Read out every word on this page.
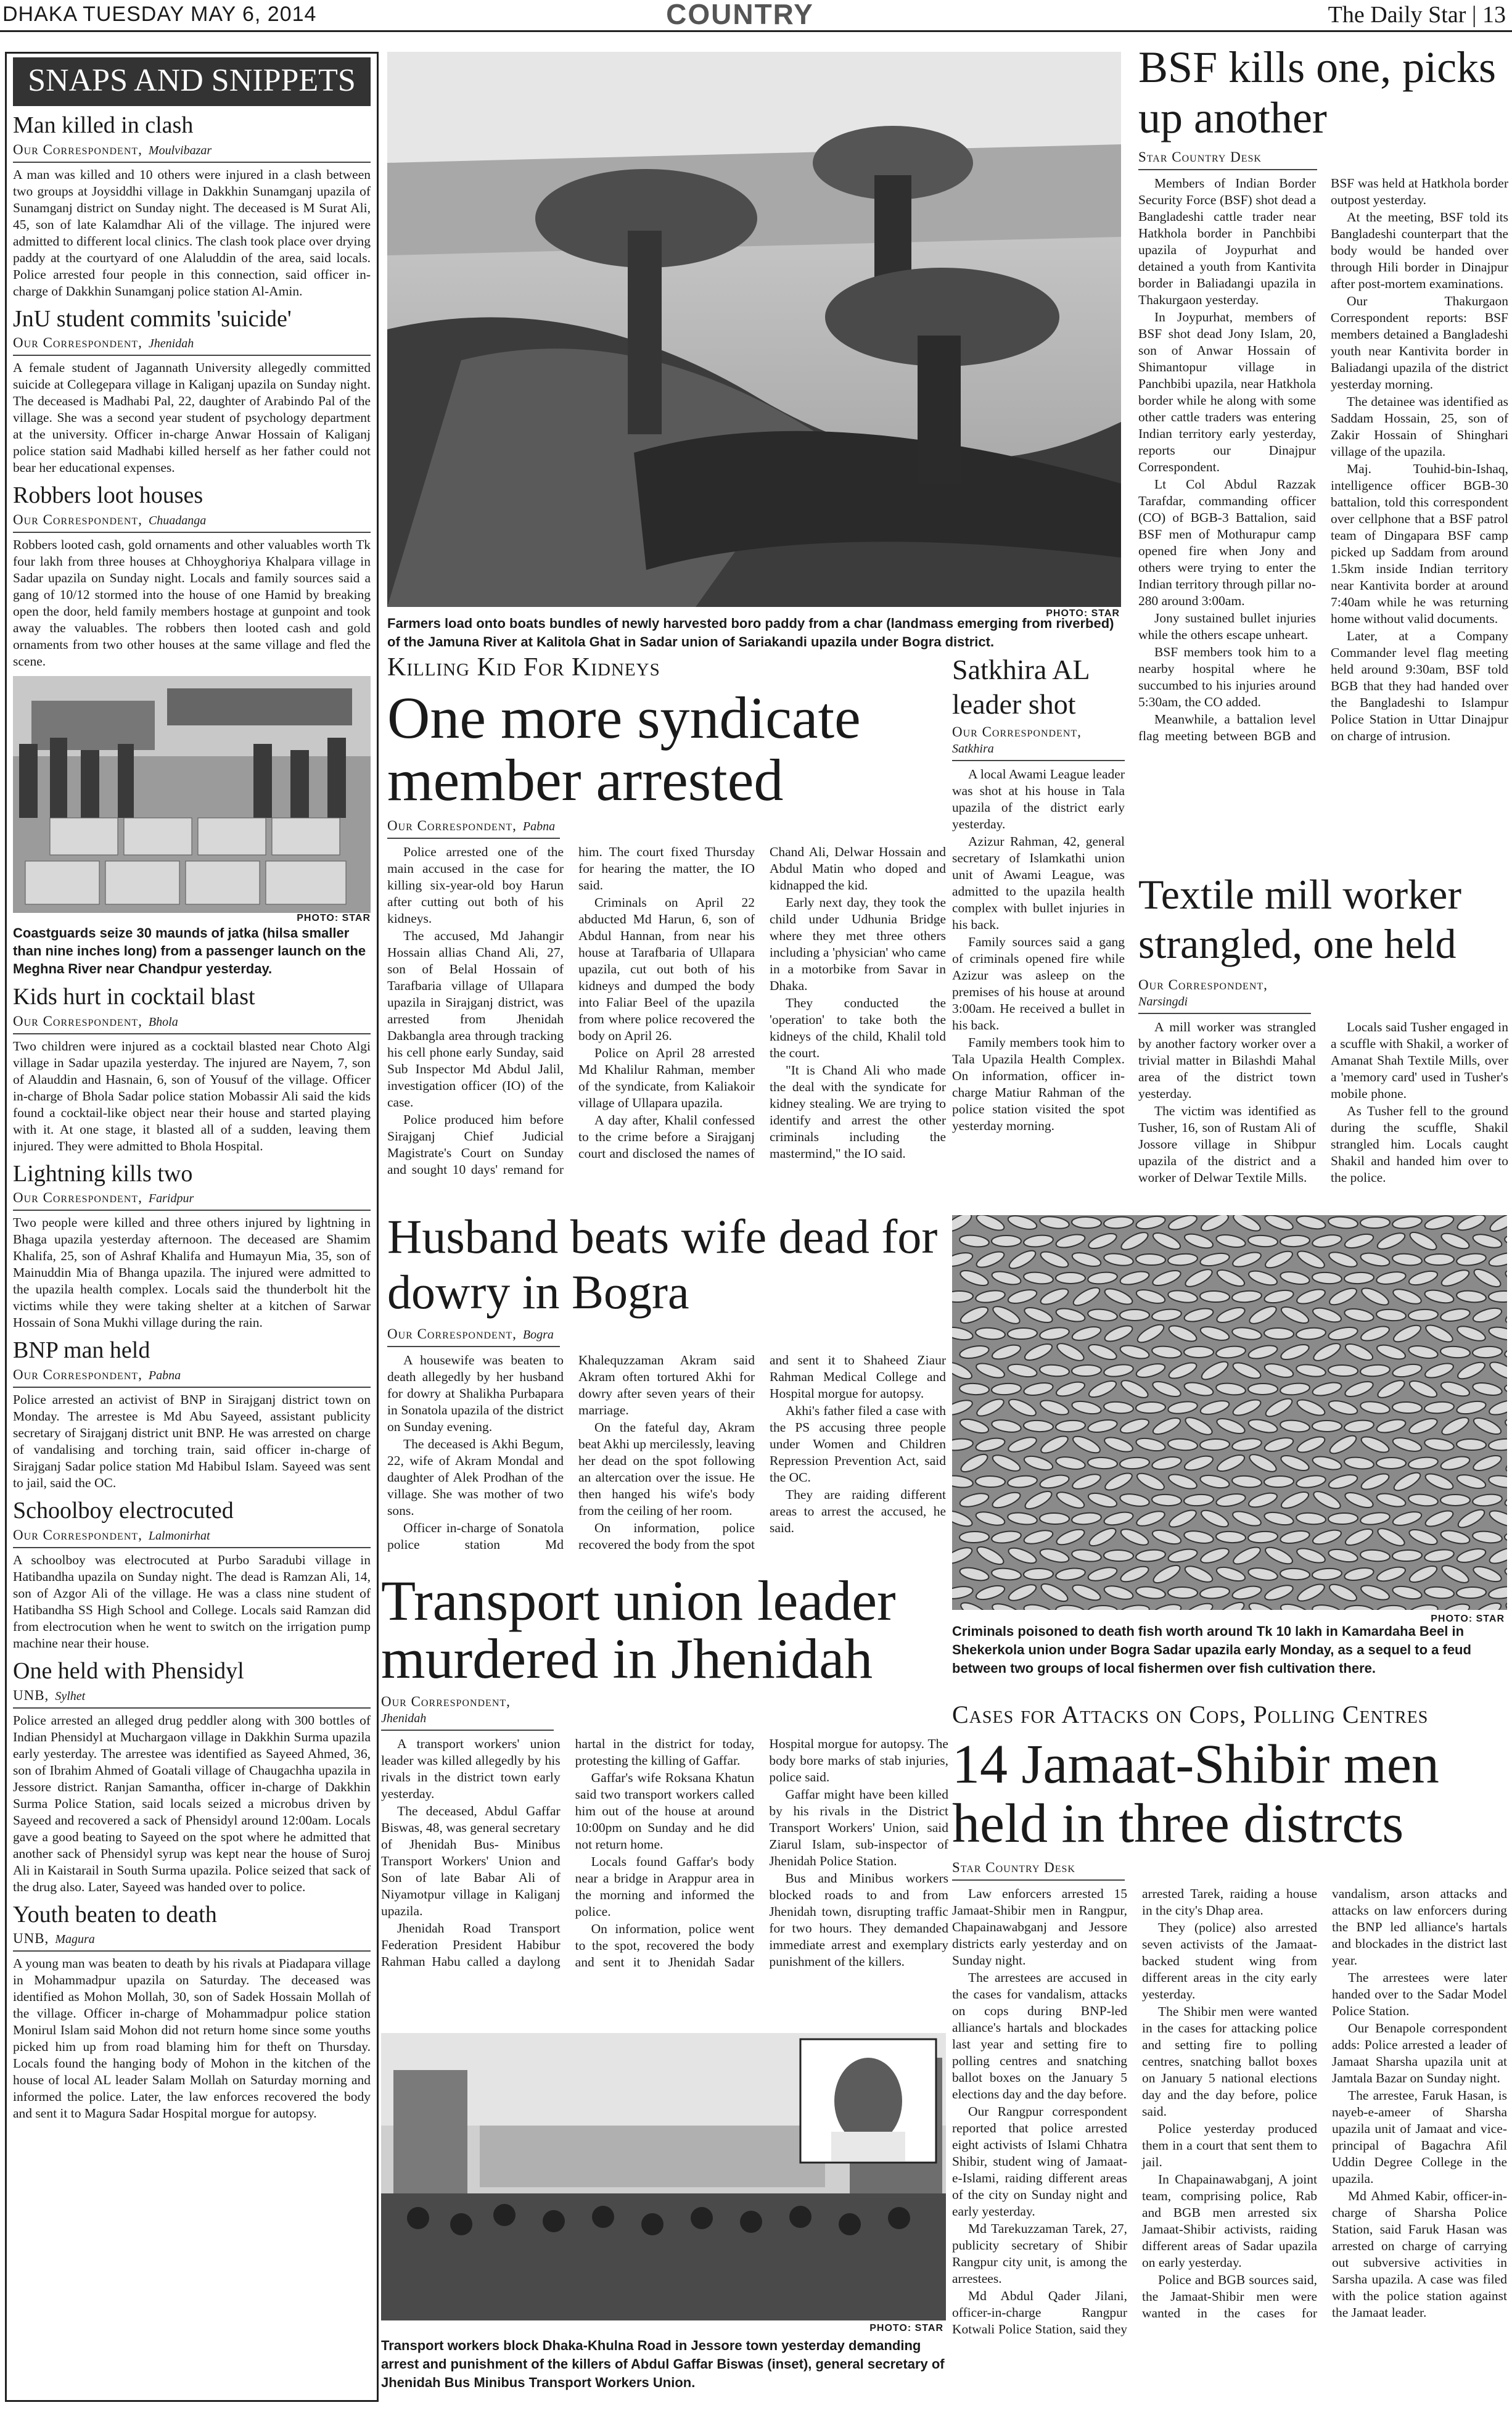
DHAKA TUESDAY MAY 6, 2014	COUNTRY	The Daily Star | 13
SNAPS AND SNIPPETS
Man killed in clash
Our Correspondent, Moulvibazar
A man was killed and 10 others were injured in a clash between two groups at Joysiddhi village in Dakkhin Sunamganj upazila of Sunamganj district on Sunday night. The deceased is M Surat Ali, 45, son of late Kalamdhar Ali of the village. The injured were admitted to different local clinics. The clash took place over drying paddy at the courtyard of one Alaluddin of the area, said locals. Police arrested four people in this connection, said officer in-charge of Dakkhin Sunamganj police station Al-Amin.
JnU student commits 'suicide'
Our Correspondent, Jhenidah
A female student of Jagannath University allegedly committed suicide at Collegepara village in Kaliganj upazila on Sunday night. The deceased is Madhabi Pal, 22, daughter of Arabindo Pal of the village. She was a second year student of psychology department at the university. Officer in-charge Anwar Hossain of Kaliganj police station said Madhabi killed herself as her father could not bear her educational expenses.
Robbers loot houses
Our Correspondent, Chuadanga
Robbers looted cash, gold ornaments and other valuables worth Tk four lakh from three houses at Chhoyghoriya Khalpara village in Sadar upazila on Sunday night. Locals and family sources said a gang of 10/12 stormed into the house of one Hamid by breaking open the door, held family members hostage at gunpoint and took away the valuables. The robbers then looted cash and gold ornaments from two other houses at the same village and fled the scene.
PHOTO: STAR
Coastguards seize 30 maunds of jatka (hilsa smaller than nine inches long) from a passenger launch on the Meghna River near Chandpur yesterday.
Kids hurt in cocktail blast
Our Correspondent, Bhola
Two children were injured as a cocktail blasted near Choto Algi village in Sadar upazila yesterday. The injured are Nayem, 7, son of Alauddin and Hasnain, 6, son of Yousuf of the village. Officer in-charge of Bhola Sadar police station Mobassir Ali said the kids found a cocktail-like object near their house and started playing with it. At one stage, it blasted all of a sudden, leaving them injured. They were admitted to Bhola Hospital.
Lightning kills two
Our Correspondent, Faridpur
Two people were killed and three others injured by lightning in Bhaga upazila yesterday afternoon. The deceased are Shamim Khalifa, 25, son of Ashraf Khalifa and Humayun Mia, 35, son of Mainuddin Mia of Bhanga upazila. The injured were admitted to the upazila health complex. Locals said the thunderbolt hit the victims while they were taking shelter at a kitchen of Sarwar Hossain of Sona Mukhi village during the rain.
BNP man held
Our Correspondent, Pabna
Police arrested an activist of BNP in Sirajganj district town on Monday. The arrestee is Md Abu Sayeed, assistant publicity secretary of Sirajganj district unit BNP. He was arrested on charge of vandalising and torching train, said officer in-charge of Sirajganj Sadar police station Md Habibul Islam. Sayeed was sent to jail, said the OC.
Schoolboy electrocuted
Our Correspondent, Lalmonirhat
A schoolboy was electrocuted at Purbo Saradubi village in Hatibandha upazila on Sunday night. The dead is Ramzan Ali, 14, son of Azgor Ali of the village. He was a class nine student of Hatibandha SS High School and College. Locals said Ramzan did from electrocution when he went to switch on the irrigation pump machine near their house.
One held with Phensidyl
UNB, Sylhet
Police arrested an alleged drug peddler along with 300 bottles of Indian Phensidyl at Muchargaon village in Dakkhin Surma upazila early yesterday. The arrestee was identified as Sayeed Ahmed, 36, son of Ibrahim Ahmed of Goatali village of Chaugachha upazila in Jessore district. Ranjan Samantha, officer in-charge of Dakkhin Surma Police Station, said locals seized a microbus driven by Sayeed and recovered a sack of Phensidyl around 12:00am. Locals gave a good beating to Sayeed on the spot where he admitted that another sack of Phensidyl syrup was kept near the house of Suroj Ali in Kaistarail in South Surma upazila. Police seized that sack of the drug also. Later, Sayeed was handed over to police.
Youth beaten to death
UNB, Magura
A young man was beaten to death by his rivals at Piadapara village in Mohammadpur upazila on Saturday. The deceased was identified as Mohon Mollah, 30, son of Sadek Hossain Mollah of the village. Officer in-charge of Mohammadpur police station Monirul Islam said Mohon did not return home since some youths picked him up from road blaming him for theft on Thursday. Locals found the hanging body of Mohon in the kitchen of the house of local AL leader Salam Mollah on Saturday morning and informed the police. Later, the law enforces recovered the body and sent it to Magura Sadar Hospital morgue for autopsy.
PHOTO: STAR
Farmers load onto boats bundles of newly harvested boro paddy from a char (landmass emerging from riverbed) of the Jamuna River at Kalitola Ghat in Sadar union of Sariakandi upazila under Bogra district.
BSF kills one, picks up another
Star Country Desk

Members of Indian Border Security Force (BSF) shot dead a Bangladeshi cattle trader near Hatkhola border in Panchbibi upazila of Joypurhat and detained a youth from Kantivita border in Baliadangi upazila in Thakurgaon yesterday.

In Joypurhat, members of BSF shot dead Jony Islam, 20, son of Anwar Hossain of Shimantopur village in Panchbibi upazila, near Hatkhola border while he along with some other cattle traders was entering Indian territory early yesterday, reports our Dinajpur Correspondent.

Lt Col Abdul Razzak Tarafdar, commanding officer (CO) of BGB-3 Battalion, said BSF men of Mothurapur camp opened fire when Jony and others were trying to enter the Indian territory through pillar no-280 around 3:00am.

Jony sustained bullet injuries while the others escape unheart.

BSF members took him to a nearby hospital where he succumbed to his injuries around 5:30am, the CO added.

Meanwhile, a battalion level flag meeting between BGB and BSF was held at Hatkhola border outpost yesterday.

At the meeting, BSF told its Bangladeshi counterpart that the body would be handed over through Hili border in Dinajpur after post-mortem examinations.

Our Thakurgaon Correspondent reports: BSF members detained a Bangladeshi youth near Kantivita border in Baliadangi upazila of the district yesterday morning.

The detainee was identified as Saddam Hossain, 25, son of Zakir Hossain of Shinghari village of the upazila.

Maj. Touhid-bin-Ishaq, intelligence officer BGB-30 battalion, told this correspondent over cellphone that a BSF patrol team of Dingapara BSF camp picked up Saddam from around 1.5km inside Indian territory near Kantivita border at around 7:40am while he was returning home without valid documents.

Later, at a Company Commander level flag meeting held around 9:30am, BSF told BGB that they had handed over the Bangladeshi to Islampur Police Station in Uttar Dinajpur on charge of intrusion.

Killing Kid For Kidneys
One more syndicate member arrested
Our Correspondent, Pabna

Police arrested one of the main accused in the case for killing six-year-old boy Harun after cutting out both of his kidneys.

The accused, Md Jahangir Hossain allias Chand Ali, 27, son of Belal Hossain of Tarafbaria village of Ullapara upazila in Sirajganj district, was arrested from Jhenidah Dakbangla area through tracking his cell phone early Sunday, said Sub Inspector Md Abdul Jalil, investigation officer (IO) of the case.

Police produced him before Sirajganj Chief Judicial Magistrate's Court on Sunday and sought 10 days' remand for him. The court fixed Thursday for hearing the matter, the IO said.

Criminals on April 22 abducted Md Harun, 6, son of Abdul Hannan, from near his house at Tarafbaria of Ullapara upazila, cut out both of his kidneys and dumped the body into Faliar Beel of the upazila from where police recovered the body on April 26.

Police on April 28 arrested Md Khalilur Rahman, member of the syndicate, from Kaliakoir village of Ullapara upazila.

A day after, Khalil confessed to the crime before a Sirajganj court and disclosed the names of Chand Ali, Delwar Hossain and Abdul Matin who doped and kidnapped the kid.

Early next day, they took the child under Udhunia Bridge where they met three others including a 'physician' who came in a motorbike from Savar in Dhaka.

They conducted the 'operation' to take both the kidneys of the child, Khalil told the court.

"It is Chand Ali who made the deal with the syndicate for kidney stealing. We are trying to identify and arrest the other criminals including the mastermind," the IO said.

Satkhira AL leader shot
Our Correspondent,
Satkhira

A local Awami League leader was shot at his house in Tala upazila of the district early yesterday.

Azizur Rahman, 42, general secretary of Islamkathi union unit of Awami League, was admitted to the upazila health complex with bullet injuries in his back.

Family sources said a gang of criminals opened fire while Azizur was asleep on the premises of his house at around 3:00am. He received a bullet in his back.

Family members took him to Tala Upazila Health Complex. On information, officer in-charge Matiur Rahman of the police station visited the spot yesterday morning.

Textile mill worker strangled, one held
Our Correspondent,
Narsingdi

A mill worker was strangled by another factory worker over a trivial matter in Bilashdi Mahal area of the district town yesterday.

The victim was identified as Tusher, 16, son of Rustam Ali of Jossore village in Shibpur upazila of the district and a worker of Delwar Textile Mills.

Locals said Tusher engaged in a scuffle with Shakil, a worker of Amanat Shah Textile Mills, over a 'memory card' used in Tusher's mobile phone.

As Tusher fell to the ground during the scuffle, Shakil strangled him. Locals caught Shakil and handed him over to the police.

Husband beats wife dead for dowry in Bogra
Our Correspondent, Bogra

A housewife was beaten to death allegedly by her husband for dowry at Shalikha Purbapara in Sonatola upazila of the district on Sunday evening.

The deceased is Akhi Begum, 22, wife of Akram Mondal and daughter of Alek Prodhan of the village. She was mother of two sons.

Officer in-charge of Sonatola police station Md Khalequzzaman Akram said Akram often tortured Akhi for dowry after seven years of their marriage.

On the fateful day, Akram beat Akhi up mercilessly, leaving her dead on the spot following an altercation over the issue. He then hanged his wife's body from the ceiling of her room.

On information, police recovered the body from the spot and sent it to Shaheed Ziaur Rahman Medical College and Hospital morgue for autopsy.

Akhi's father filed a case with the PS accusing three people under Women and Children Repression Prevention Act, said the OC.

They are raiding different areas to arrest the accused, he said.

PHOTO: STAR
Criminals poisoned to death fish worth around Tk 10 lakh in Kamardaha Beel in Shekerkola union under Bogra Sadar upazila early Monday, as a sequel to a feud between two groups of local fishermen over fish cultivation there.
Transport union leader murdered in Jhenidah
Our Correspondent,
Jhenidah

A transport workers' union leader was killed allegedly by his rivals in the district town early yesterday.

The deceased, Abdul Gaffar Biswas, 48, was general secretary of Jhenidah Bus- Minibus Transport Workers' Union and Son of late Babar Ali of Niyamotpur village in Kaliganj upazila.

Jhenidah Road Transport Federation President Habibur Rahman Habu called a daylong hartal in the district for today, protesting the killing of Gaffar.

Gaffar's wife Roksana Khatun said two transport workers called him out of the house at around 10:00pm on Sunday and he did not return home.

Locals found Gaffar's body near a bridge in Arappur area in the morning and informed the police.

On information, police went to the spot, recovered the body and sent it to Jhenidah Sadar Hospital morgue for autopsy. The body bore marks of stab injuries, police said.

Gaffar might have been killed by his rivals in the District Transport Workers' Union, said Ziarul Islam, sub-inspector of Jhenidah Police Station.

Bus and Minibus workers blocked roads to and from Jhenidah town, disrupting traffic for two hours. They demanded immediate arrest and exemplary punishment of the killers.

PHOTO: STAR
Transport workers block Dhaka-Khulna Road in Jessore town yesterday demanding arrest and punishment of the killers of Abdul Gaffar Biswas (inset), general secretary of Jhenidah Bus Minibus Transport Workers Union.
Cases for Attacks on Cops, Polling Centres
14 Jamaat-Shibir men held in three distrcts
Star Country Desk

Law enforcers arrested 15 Jamaat-Shibir men in Rangpur, Chapainawabganj and Jessore districts early yesterday and on Sunday night.

The arrestees are accused in the cases for vandalism, attacks on cops during BNP-led alliance's hartals and blockades last year and setting fire to polling centres and snatching ballot boxes on the January 5 elections day and the day before.

Our Rangpur correspondent reported that police arrested eight activists of Islami Chhatra Shibir, student wing of Jamaat-e-Islami, raiding different areas of the city on Sunday night and early yesterday.

Md Tarekuzzaman Tarek, 27, publicity secretary of Shibir Rangpur city unit, is among the arrestees.

Md Abdul Qader Jilani, officer-in-charge Rangpur Kotwali Police Station, said they arrested Tarek, raiding a house in the city's Dhap area.

They (police) also arrested seven activists of the Jamaat-backed student wing from different areas in the city early yesterday.

The Shibir men were wanted in the cases for attacking police and setting fire to polling centres, snatching ballot boxes on January 5 national elections day and the day before, police said.

Police yesterday produced them in a court that sent them to jail.

In Chapainawabganj, A joint team, comprising police, Rab and BGB men arrested six Jamaat-Shibir activists, raiding different areas of Sadar upazila on early yesterday.

Police and BGB sources said, the Jamaat-Shibir men were wanted in the cases for vandalism, arson attacks and attacks on law enforcers during the BNP led alliance's hartals and blockades in the district last year.

The arrestees were later handed over to the Sadar Model Police Station.

Our Benapole correspondent adds: Police arrested a leader of Jamaat Sharsha upazila unit at Jamtala Bazar on Sunday night.

The arrestee, Faruk Hasan, is nayeb-e-ameer of Sharsha upazila unit of Jamaat and vice-principal of Bagachra Afil Uddin Degree College in the upazila.

Md Ahmed Kabir, officer-in-charge of Sharsha Police Station, said Faruk Hasan was arrested on charge of carrying out subversive activities in Sarsha upazila. A case was filed with the police station against the Jamaat leader.
